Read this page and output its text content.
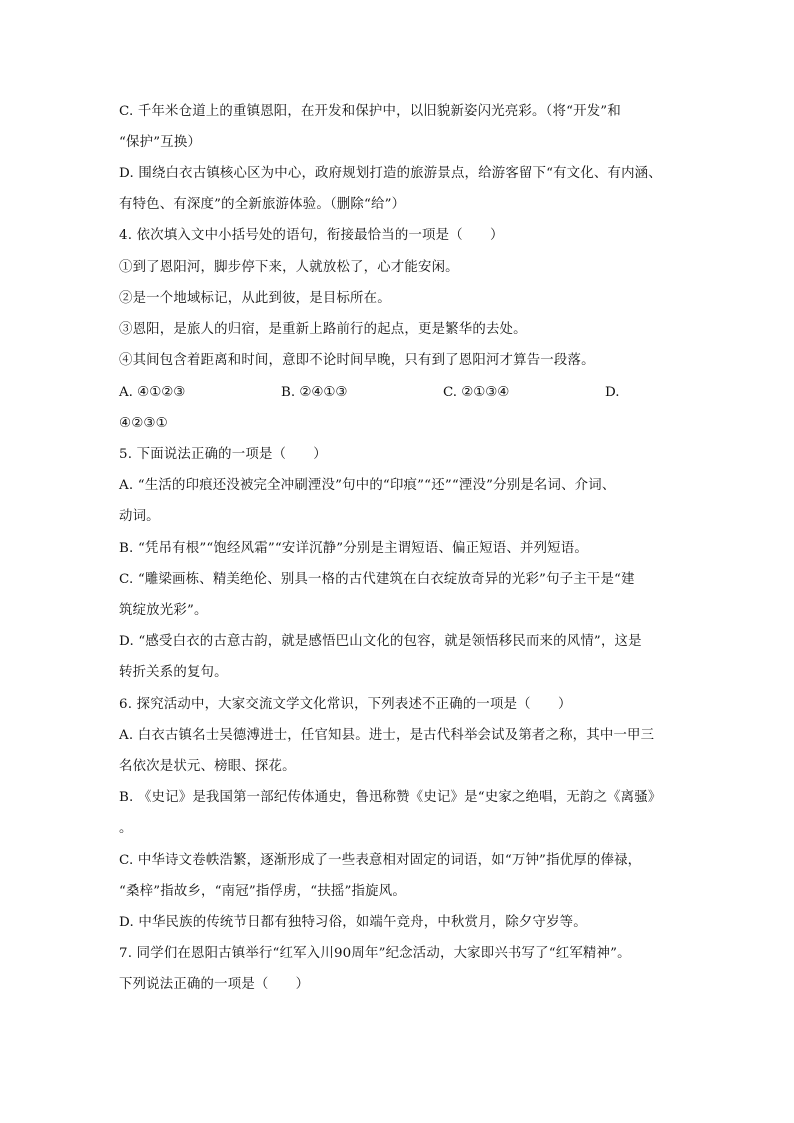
C. 千年米仓道上的重镇恩阳，在开发和保护中，以旧貌新姿闪光亮彩。（将“开发”和
“保护”互换）
D. 围绕白衣古镇核心区为中心，政府规划打造的旅游景点，给游客留下“有文化、有内涵、
有特色、有深度”的全新旅游体验。（删除“给”）
4. 依次填入文中小括号处的语句，衔接最恰当的一项是（　　）
①到了恩阳河，脚步停下来，人就放松了，心才能安闲。
②是一个地域标记，从此到彼，是目标所在。
③恩阳，是旅人的归宿，是重新上路前行的起点，更是繁华的去处。
④其间包含着距离和时间，意即不论时间早晚，只有到了恩阳河才算告一段落。
A. ④①②③	B. ②④①③	C. ②①③④	D.
④②③①
5. 下面说法正确的一项是（　　）
A. “生活的印痕还没被完全冲刷湮没”句中的“印痕”“还”“湮没”分别是名词、介词、
动词。
B. “凭吊有根”“饱经风霜”“安详沉静”分别是主谓短语、偏正短语、并列短语。
C. “雕梁画栋、精美绝伦、别具一格的古代建筑在白衣绽放奇异的光彩”句子主干是“建
筑绽放光彩”。
D. “感受白衣的古意古韵，就是感悟巴山文化的包容，就是领悟移民而来的风情”，这是
转折关系的复句。
6. 探究活动中，大家交流文学文化常识，下列表述不正确的一项是（　　）
A. 白衣古镇名士吴德溥进士，任官知县。进士，是古代科举会试及第者之称，其中一甲三
名依次是状元、榜眼、探花。
B. 《史记》是我国第一部纪传体通史，鲁迅称赞《史记》是“史家之绝唱，无韵之《离骚》
。
C. 中华诗文卷帙浩繁，逐渐形成了一些表意相对固定的词语，如“万钟”指优厚的俸禄，
“桑梓”指故乡，“南冠”指俘虏，“扶摇”指旋风。
D. 中华民族的传统节日都有独特习俗，如端午竞舟，中秋赏月，除夕守岁等。
7. 同学们在恩阳古镇举行“红军入川90周年”纪念活动，大家即兴书写了“红军精神”。
下列说法正确的一项是（　　）
